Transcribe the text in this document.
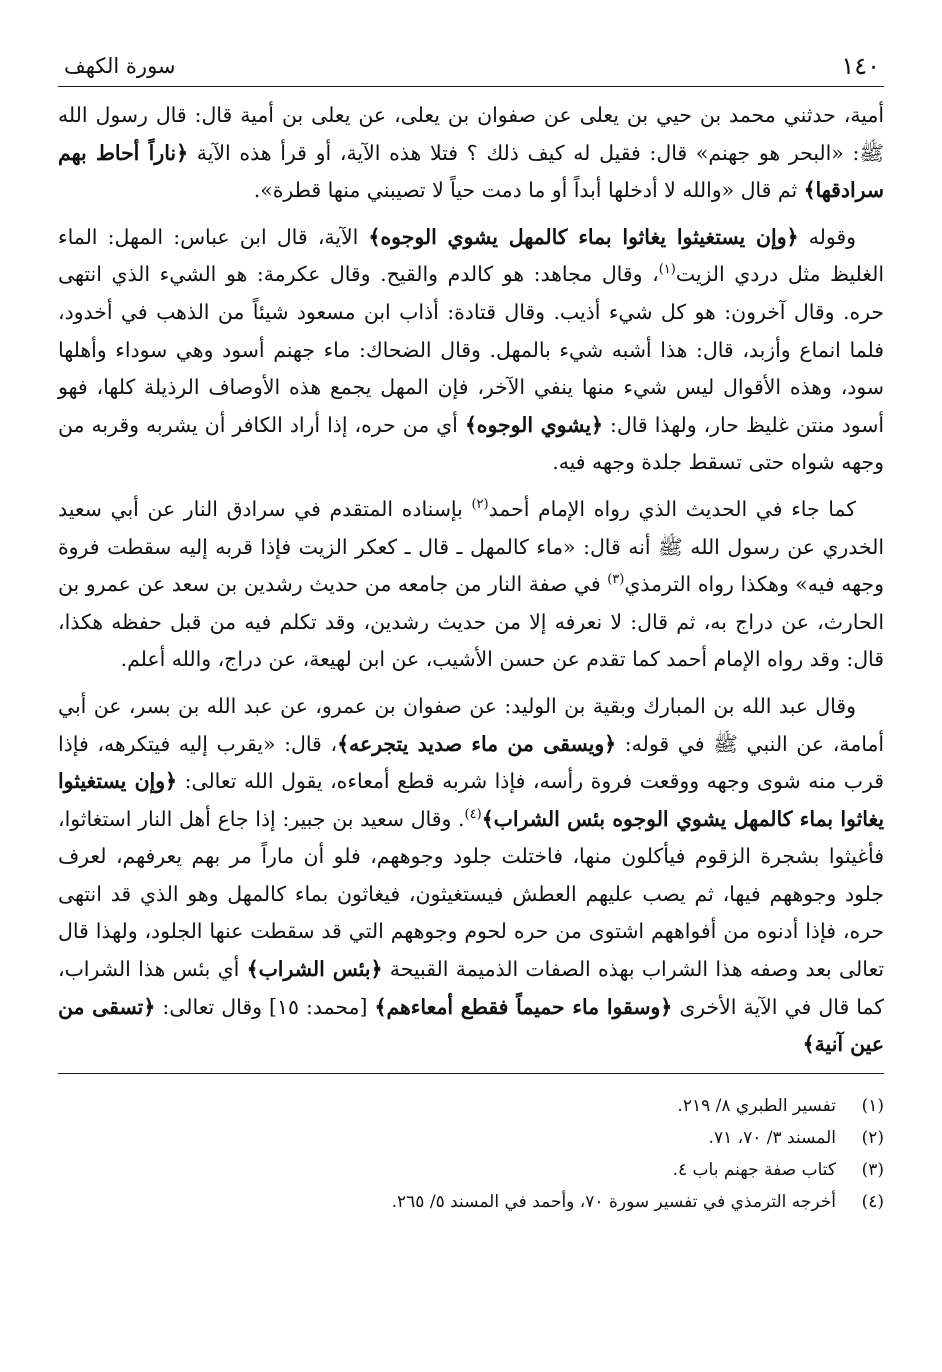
١٤٠
سورة الكهف

أمية، حدثني محمد بن حيي بن يعلى عن صفوان بن يعلى، عن يعلى بن أمية قال: قال رسول الله ﷺ: «البحر هو جهنم» قال: فقيل له كيف ذلك ؟ فتلا هذه الآية، أو قرأ هذه الآية ﴿ناراً أحاط بهم سرادقها﴾ ثم قال «والله لا أدخلها أبداً أو ما دمت حياً لا تصيبني منها قطرة».

وقوله ﴿وإن يستغيثوا يغاثوا بماء كالمهل يشوي الوجوه﴾ الآية، قال ابن عباس: المهل: الماء الغليظ مثل دردي الزيت$^{(١)}$، وقال مجاهد: هو كالدم والقيح. وقال عكرمة: هو الشيء الذي انتهى حره. وقال آخرون: هو كل شيء أذيب. وقال قتادة: أذاب ابن مسعود شيئاً من الذهب في أخدود، فلما انماع وأزبد، قال: هذا أشبه شيء بالمهل. وقال الضحاك: ماء جهنم أسود وهي سوداء وأهلها سود، وهذه الأقوال ليس شيء منها ينفي الآخر، فإن المهل يجمع هذه الأوصاف الرذيلة كلها، فهو أسود منتن غليظ حار، ولهذا قال: ﴿يشوي الوجوه﴾ أي من حره، إذا أراد الكافر أن يشربه وقربه من وجهه شواه حتى تسقط جلدة وجهه فيه.

كما جاء في الحديث الذي رواه الإمام أحمد$^{(٢)}$ بإسناده المتقدم في سرادق النار عن أبي سعيد الخدري عن رسول الله ﷺ أنه قال: «ماء كالمهل ـ قال ـ كعكر الزيت فإذا قربه إليه سقطت فروة وجهه فيه» وهكذا رواه الترمذي$^{(٣)}$ في صفة النار من جامعه من حديث رشدين بن سعد عن عمرو بن الحارث، عن دراج به، ثم قال: لا نعرفه إلا من حديث رشدين، وقد تكلم فيه من قبل حفظه هكذا، قال: وقد رواه الإمام أحمد كما تقدم عن حسن الأشيب، عن ابن لهيعة، عن دراج، والله أعلم.

وقال عبد الله بن المبارك وبقية بن الوليد: عن صفوان بن عمرو، عن عبد الله بن بسر، عن أبي أمامة، عن النبي ﷺ في قوله: ﴿ويسقى من ماء صديد يتجرعه﴾، قال: «يقرب إليه فيتكرهه، فإذا قرب منه شوى وجهه ووقعت فروة رأسه، فإذا شربه قطع أمعاءه، يقول الله تعالى: ﴿وإن يستغيثوا يغاثوا بماء كالمهل يشوي الوجوه بئس الشراب﴾$^{(٤)}$. وقال سعيد بن جبير: إذا جاع أهل النار استغاثوا، فأغيثوا بشجرة الزقوم فيأكلون منها، فاختلت جلود وجوههم، فلو أن ماراً مر بهم يعرفهم، لعرف جلود وجوههم فيها، ثم يصب عليهم العطش فيستغيثون، فيغاثون بماء كالمهل وهو الذي قد انتهى حره، فإذا أدنوه من أفواههم اشتوى من حره لحوم وجوههم التي قد سقطت عنها الجلود، ولهذا قال تعالى بعد وصفه هذا الشراب بهذه الصفات الذميمة القبيحة ﴿بئس الشراب﴾ أي بئس هذا الشراب، كما قال في الآية الأخرى ﴿وسقوا ماء حميماً فقطع أمعاءهم﴾ [محمد: ١٥] وقال تعالى: ﴿تسقى من عين آنية﴾

(١)
تفسير الطبري ٨/ ٢١٩.
(٢)
المسند ٣/ ٧٠، ٧١.
(٣)
كتاب صفة جهنم باب ٤.
(٤)
أخرجه الترمذي في تفسير سورة ٧٠، وأحمد في المسند ٥/ ٢٦٥.
